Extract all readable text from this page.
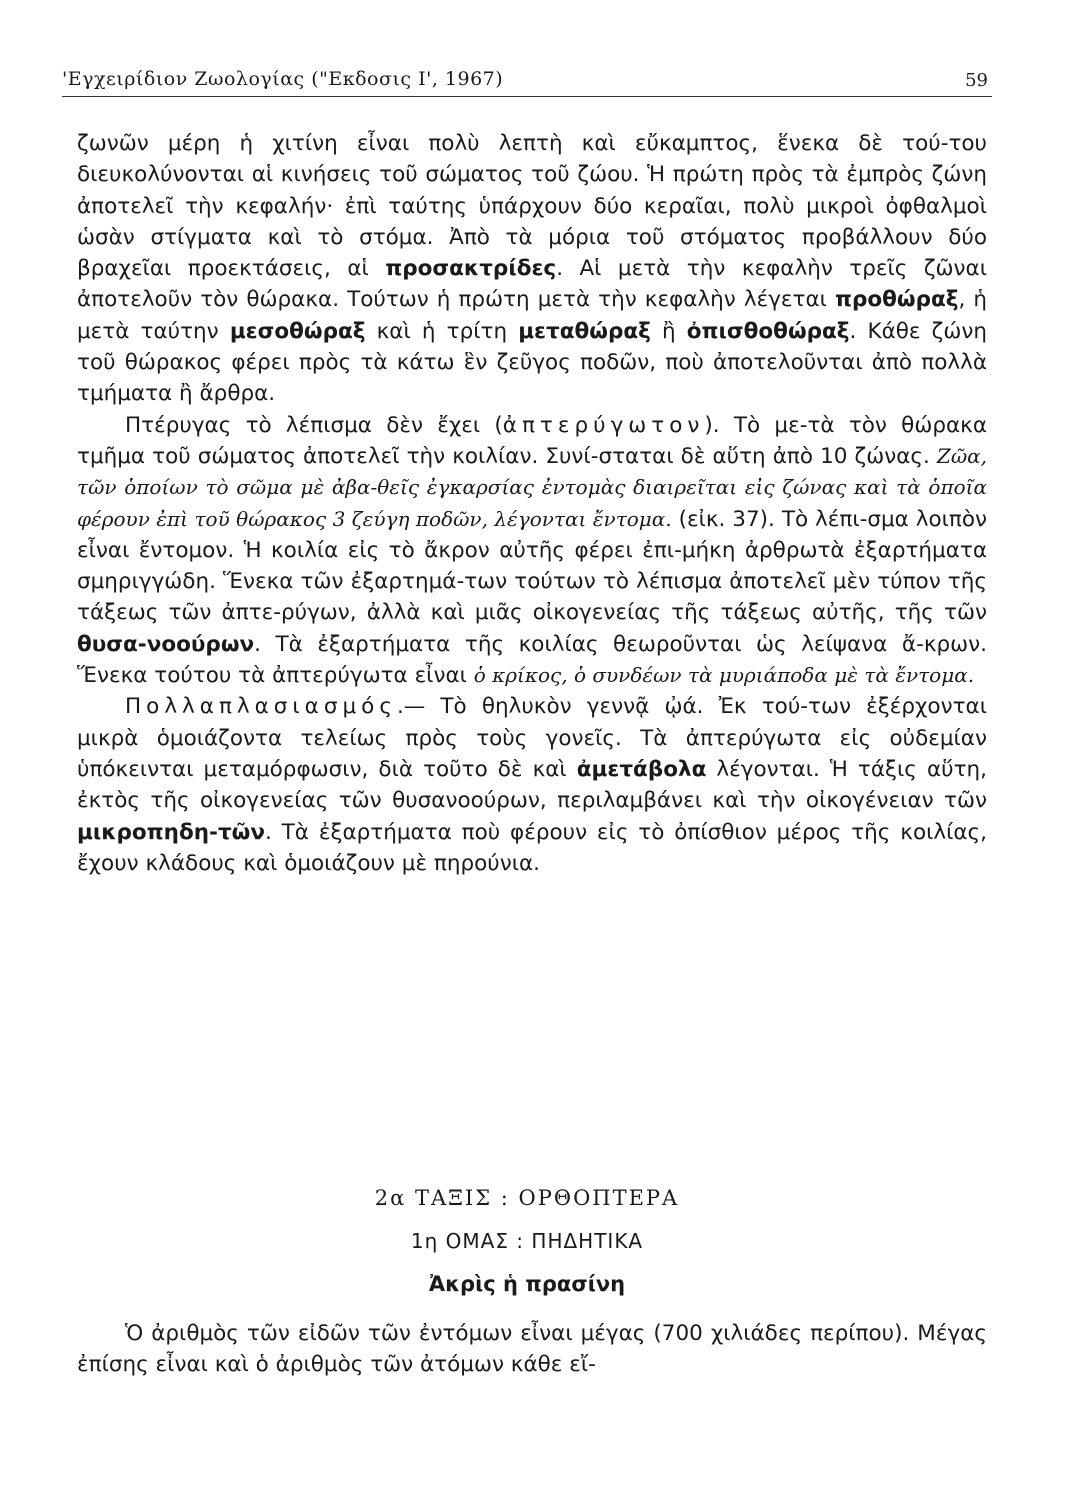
'Εγχειρίδιον Ζωολογίας ("Εκδοσις Ι', 1967)	59

ζωνῶν μέρη ἡ χιτίνη εἶναι πολὺ λεπτὴ καὶ εὔκαμπτος, ἕνεκα δὲ τού-του διευκολύνονται αἱ κινήσεις τοῦ σώματος τοῦ ζώου. Ἡ πρώτη πρὸς τὰ ἐμπρὸς ζώνη ἀποτελεῖ τὴν κεφαλήν· ἐπὶ ταύτης ὑπάρχουν δύο κεραῖαι, πολὺ μικροὶ ὀφθαλμοὶ ὡσὰν στίγματα καὶ τὸ στόμα. Ἀπὸ τὰ μόρια τοῦ στόματος προβάλλουν δύο βραχεῖαι προεκτάσεις, αἱ προσακτρίδες. Αἱ μετὰ τὴν κεφαλὴν τρεῖς ζῶναι ἀποτελοῦν τὸν θώρακα. Τούτων ἡ πρώτη μετὰ τὴν κεφαλὴν λέγεται προθώραξ, ἡ μετὰ ταύτην μεσοθώραξ καὶ ἡ τρίτη μεταθώραξ ἢ ὀπισθοθώραξ. Κάθε ζώνη τοῦ θώρακος φέρει πρὸς τὰ κάτω ἓν ζεῦγος ποδῶν, ποὺ ἀποτελοῦνται ἀπὸ πολλὰ τμήματα ἢ ἄρθρα.

Πτέρυγας τὸ λέπισμα δὲν ἔχει (ἀπτερύγωτον). Τὸ με-τὰ τὸν θώρακα τμῆμα τοῦ σώματος ἀποτελεῖ τὴν κοιλίαν. Συνί-σταται δὲ αὕτη ἀπὸ 10 ζώνας. Ζῶα, τῶν ὁποίων τὸ σῶμα μὲ ἀβα-θεῖς ἐγκαρσίας ἐντομὰς διαιρεῖται εἰς ζώνας καὶ τὰ ὁποῖα φέρουν ἐπὶ τοῦ θώρακος 3 ζεύγη ποδῶν, λέγονται ἔντομα. (εἰκ. 37). Τὸ λέπι-σμα λοιπὸν εἶναι ἔντομον. Ἡ κοιλία εἰς τὸ ἄκρον αὐτῆς φέρει ἐπι-μήκη ἀρθρωτὰ ἐξαρτήματα σμηριγγώδη. Ἕνεκα τῶν ἐξαρτημά-των τούτων τὸ λέπισμα ἀποτελεῖ μὲν τύπον τῆς τάξεως τῶν ἀπτε-ρύγων, ἀλλὰ καὶ μιᾶς οἰκογενείας τῆς τάξεως αὐτῆς, τῆς τῶν θυσα-νοούρων. Τὰ ἐξαρτήματα τῆς κοιλίας θεωροῦνται ὡς λείψανα ἄ-κρων. Ἕνεκα τούτου τὰ ἀπτερύγωτα εἶναι ὁ κρίκος, ὁ συνδέων τὰ μυριάποδα μὲ τὰ ἔντομα.

Πολλαπλασιασμός.— Τὸ θηλυκὸν γεννᾷ ᾠά. Ἐκ τού-των ἐξέρχονται μικρὰ ὁμοιάζοντα τελείως πρὸς τοὺς γονεῖς. Τὰ ἀπτερύγωτα εἰς οὐδεμίαν ὑπόκεινται μεταμόρφωσιν, διὰ τοῦτο δὲ καὶ ἀμετάβολα λέγονται. Ἡ τάξις αὕτη, ἐκτὸς τῆς οἰκογενείας τῶν θυσανοούρων, περιλαμβάνει καὶ τὴν οἰκογένειαν τῶν μικροπηδη-τῶν. Τὰ ἐξαρτήματα ποὺ φέρουν εἰς τὸ ὀπίσθιον μέρος τῆς κοιλίας, ἔχουν κλάδους καὶ ὁμοιάζουν μὲ πηρούνια.

2α ΤΑΞΙΣ : ΟΡΘΟΠΤΕΡΑ
1η ΟΜΑΣ : ΠΗΔΗΤΙΚΑ
Ἀκρὶς ἡ πρασίνη

Ὁ ἀριθμὸς τῶν εἰδῶν τῶν ἐντόμων εἶναι μέγας (700 χιλιάδες περίπου). Μέγας ἐπίσης εἶναι καὶ ὁ ἀριθμὸς τῶν ἀτόμων κάθε εἴ-
